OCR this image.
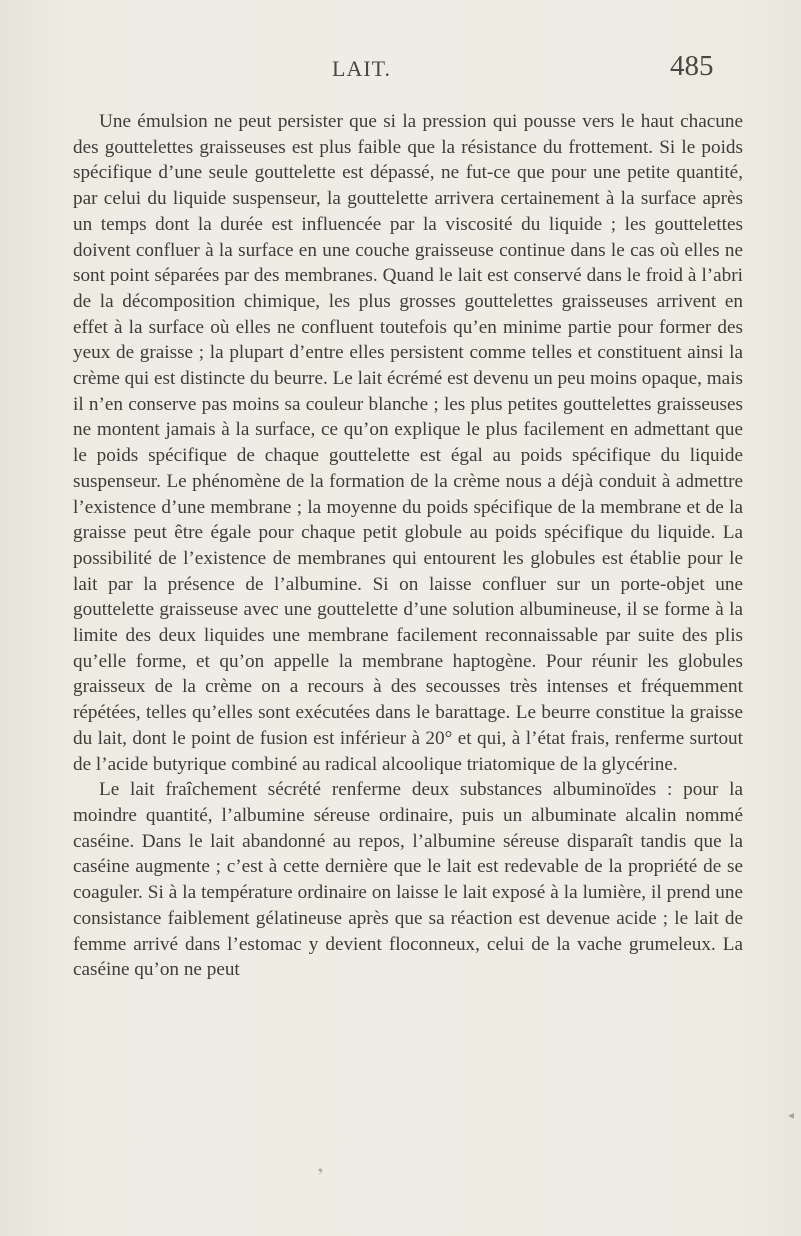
LAIT.	485

Une émulsion ne peut persister que si la pression qui pousse vers le haut chacune des gouttelettes graisseuses est plus faible que la résistance du frottement. Si le poids spécifique d’une seule gouttelette est dépassé, ne fut-ce que pour une petite quantité, par celui du liquide suspenseur, la gouttelette arrivera certainement à la surface après un temps dont la durée est influencée par la viscosité du liquide ; les gouttelettes doivent confluer à la surface en une couche graisseuse continue dans le cas où elles ne sont point séparées par des membranes. Quand le lait est conservé dans le froid à l’abri de la décomposition chimique, les plus grosses gouttelettes graisseuses arrivent en effet à la surface où elles ne confluent toutefois qu’en minime partie pour former des yeux de graisse ; la plupart d’entre elles persistent comme telles et constituent ainsi la crème qui est distincte du beurre. Le lait écrémé est devenu un peu moins opaque, mais il n’en conserve pas moins sa couleur blanche ; les plus petites gouttelettes graisseuses ne montent jamais à la surface, ce qu’on explique le plus facilement en admettant que le poids spécifique de chaque gouttelette est égal au poids spécifique du liquide suspenseur. Le phénomène de la formation de la crème nous a déjà conduit à admettre l’existence d’une membrane ; la moyenne du poids spécifique de la membrane et de la graisse peut être égale pour chaque petit globule au poids spécifique du liquide. La possibilité de l’existence de membranes qui entourent les globules est établie pour le lait par la présence de l’albumine. Si on laisse confluer sur un porte-objet une gouttelette graisseuse avec une gouttelette d’une solution albumineuse, il se forme à la limite des deux liquides une membrane facilement reconnaissable par suite des plis qu’elle forme, et qu’on appelle la membrane haptogène. Pour réunir les globules graisseux de la crème on a recours à des secousses très intenses et fréquemment répétées, telles qu’elles sont exécutées dans le barattage. Le beurre constitue la graisse du lait, dont le point de fusion est inférieur à 20° et qui, à l’état frais, renferme surtout de l’acide butyrique combiné au radical alcoolique triatomique de la glycérine.

Le lait fraîchement sécrété renferme deux substances albuminoïdes : pour la moindre quantité, l’albumine séreuse ordinaire, puis un albuminate alcalin nommé caséine. Dans le lait abandonné au repos, l’albumine séreuse disparaît tandis que la caséine augmente ; c’est à cette dernière que le lait est redevable de la propriété de se coaguler. Si à la température ordinaire on laisse le lait exposé à la lumière, il prend une consistance faiblement gélatineuse après que sa réaction est devenue acide ; le lait de femme arrivé dans l’estomac y devient floconneux, celui de la vache grumeleux. La caséine qu’on ne peut

❟
◂
